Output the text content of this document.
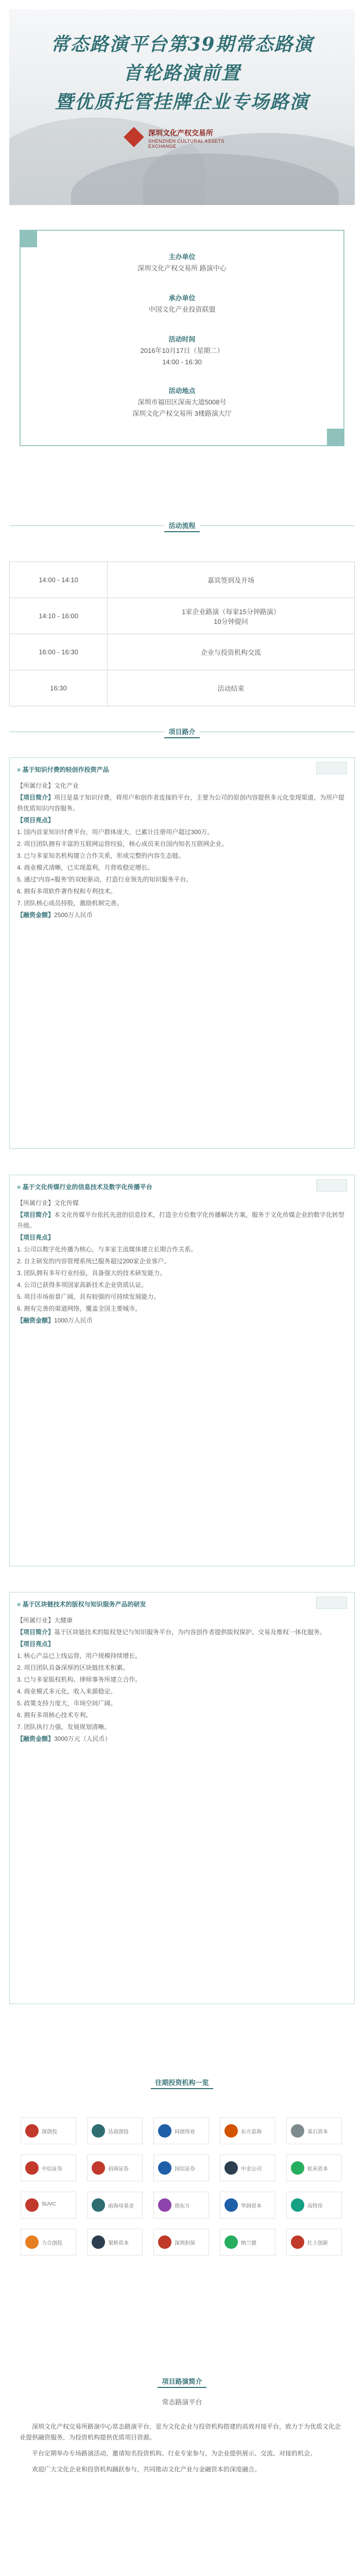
常态路演平台第39期常态路演
首轮路演前置
暨优质托管挂牌企业专场路演
深圳文化产权交易所
SHENZHEN CULTURAL ASSETS EXCHANGE
主办单位
深圳文化产权交易所 路演中心
承办单位
中国文化产业投资联盟
活动时间
2016年10月17日（星期二）
14:00 - 16:30
活动地点
深圳市福田区深南大道5008号
深圳文化产权交易所 3楼路演大厅
活动流程
14:00 - 14:10	嘉宾签到及开场
14:10 - 16:00	1家企业路演（每家15分钟路演）
10分钟提问
16:00 - 16:30	企业与投资机构交流
16:30	活动结束
项目路介
■ 基于知识付费的轻创作投资产品

【所属行业】文化产业

【项目简介】项目是基于知识付费，将用户和创作者连接的平台，主要为公司的原创内容提供多元化变现渠道，为用户提供优质知识内容服务。

【项目亮点】

1. 国内首家知识付费平台，用户群体庞大，已累计注册用户超过300万。

2. 项目团队拥有丰富的互联网运营经验，核心成员来自国内知名互联网企业。

3. 已与多家知名机构建立合作关系，形成完整的内容生态链。

4. 商业模式清晰，已实现盈利，月营收稳定增长。

5. 通过“内容+服务”的双轮驱动，打造行业领先的知识服务平台。

6. 拥有多项软件著作权和专利技术。

7. 团队核心成员持股，激励机制完善。

【融资金额】2500万人民币

■ 基于文化传媒行业的信息技术及数字化传播平台

【所属行业】文化传媒

【项目简介】本文化传媒平台依托先进的信息技术，打造全方位数字化传播解决方案，服务于文化传媒企业的数字化转型升级。

【项目亮点】

1. 公司以数字化传播为核心，与多家主流媒体建立长期合作关系。

2. 自主研发的内容管理系统已服务超过200家企业客户。

3. 团队拥有多年行业经验，具备强大的技术研发能力。

4. 公司已获得多项国家高新技术企业资质认证。

5. 项目市场前景广阔，具有较强的可持续发展能力。

6. 拥有完善的渠道网络，覆盖全国主要城市。

【融资金额】1000万人民币

■ 基于区块链技术的版权与知识服务产品的研发

【所属行业】大健康

【项目简介】基于区块链技术的版权登记与知识服务平台，为内容创作者提供版权保护、交易及维权一体化服务。

【项目亮点】

1. 核心产品已上线运营，用户规模持续增长。

2. 项目团队具备深厚的区块链技术积累。

3. 已与多家版权机构、律师事务所建立合作。

4. 商业模式多元化，收入来源稳定。

5. 政策支持力度大，市场空间广阔。

6. 拥有多项核心技术专利。

7. 团队执行力强，发展规划清晰。

【融资金额】3000万元（人民币）

往期投资机构一览
深创投	达晨创投	同创伟业	东方富海	基石资本
中信证券	招商证券	国信证券	中金公司	松禾资本
SUVC	前海母基金	创东方	华润资本	高特佳
力合创投	架桥资本	深圳担保	纳兰德	红土创新
项目路演简介
常态路演平台

深圳文化产权交易所路演中心常态路演平台，是为文化企业与投资机构搭建的高效对接平台，致力于为优质文化企业提供融资服务，为投资机构提供优质项目资源。

平台定期举办专场路演活动，邀请知名投资机构、行业专家参与，为企业提供展示、交流、对接的机会。

欢迎广大文化企业和投资机构踊跃参与，共同推动文化产业与金融资本的深度融合。
